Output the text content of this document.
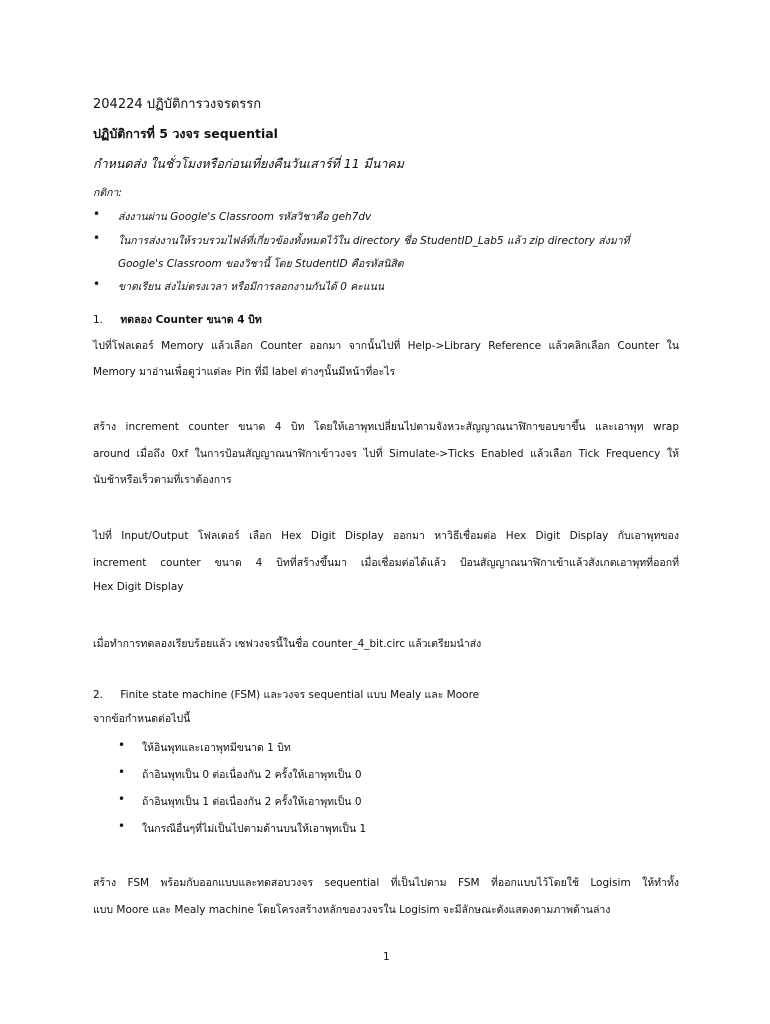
204224 ปฏิบัติการวงจรตรรก
ปฏิบัติการที่ 5 วงจร sequential
กำหนดส่ง ในชั่วโมงหรือก่อนเที่ยงคืนวันเสาร์ที่ 11 มีนาคม
กติกา:
• ส่งงานผ่าน Google's Classroom รหัสวิชาคือ geh7dv
• ในการส่งงานให้รวบรวมไฟล์ที่เกี่ยวข้องทั้งหมดไว้ใน directory ชื่อ StudentID_Lab5 แล้ว zip directory ส่งมาที่
Google's Classroom ของวิชานี้ โดย StudentID คือรหัสนิสิต
• ขาดเรียน ส่งไม่ตรงเวลา หรือมีการลอกงานกันได้ 0 คะแนน
1. ทดลอง Counter ขนาด 4 บิท
ไปที่โฟลเดอร์ Memory แล้วเลือก Counter ออกมา จากนั้นไปที่ Help->Library Reference แล้วคลิกเลือก Counter ใน
Memory มาอ่านเพื่อดูว่าแต่ละ Pin ที่มี label ต่างๆนั้นมีหน้าที่อะไร
สร้าง increment counter ขนาด 4 บิท โดยให้เอาพุทเปลี่ยนไปตามจังหวะสัญญาณนาฬิกาขอบขาขึ้น และเอาพุท wrap
around เมื่อถึง 0xf ในการป้อนสัญญาณนาฬิกาเข้าวงจร ไปที่ Simulate->Ticks Enabled แล้วเลือก Tick Frequency ให้
นับช้าหรือเร็วตามที่เราต้องการ
ไปที่ Input/Output โฟลเดอร์ เลือก Hex Digit Display ออกมา หาวิธีเชื่อมต่อ Hex Digit Display กับเอาพุทของ
increment counter ขนาด 4 บิทที่สร้างขึ้นมา เมื่อเชื่อมต่อได้แล้ว ป้อนสัญญาณนาฬิกาเข้าแล้วสังเกตเอาพุทที่ออกที่
Hex Digit Display
เมื่อทำการทดลองเรียบร้อยแล้ว เซฟวงจรนี้ในชื่อ counter_4_bit.circ แล้วเตรียมนำส่ง
2. Finite state machine (FSM) และวงจร sequential แบบ Mealy และ Moore
จากข้อกำหนดต่อไปนี้
• ให้อินพุทและเอาพุทมีขนาด 1 บิท
• ถ้าอินพุทเป็น 0 ต่อเนื่องกัน 2 ครั้งให้เอาพุทเป็น 0
• ถ้าอินพุทเป็น 1 ต่อเนื่องกัน 2 ครั้งให้เอาพุทเป็น 0
• ในกรณีอื่นๆที่ไม่เป็นไปตามด้านบนให้เอาพุทเป็น 1
สร้าง FSM พร้อมกับออกแบบและทดสอบวงจร sequential ที่เป็นไปตาม FSM ที่ออกแบบไว้โดยใช้ Logisim ให้ทำทั้ง
แบบ Moore และ Mealy machine โดยโครงสร้างหลักของวงจรใน Logisim จะมีลักษณะดังแสดงตามภาพด้านล่าง
1
